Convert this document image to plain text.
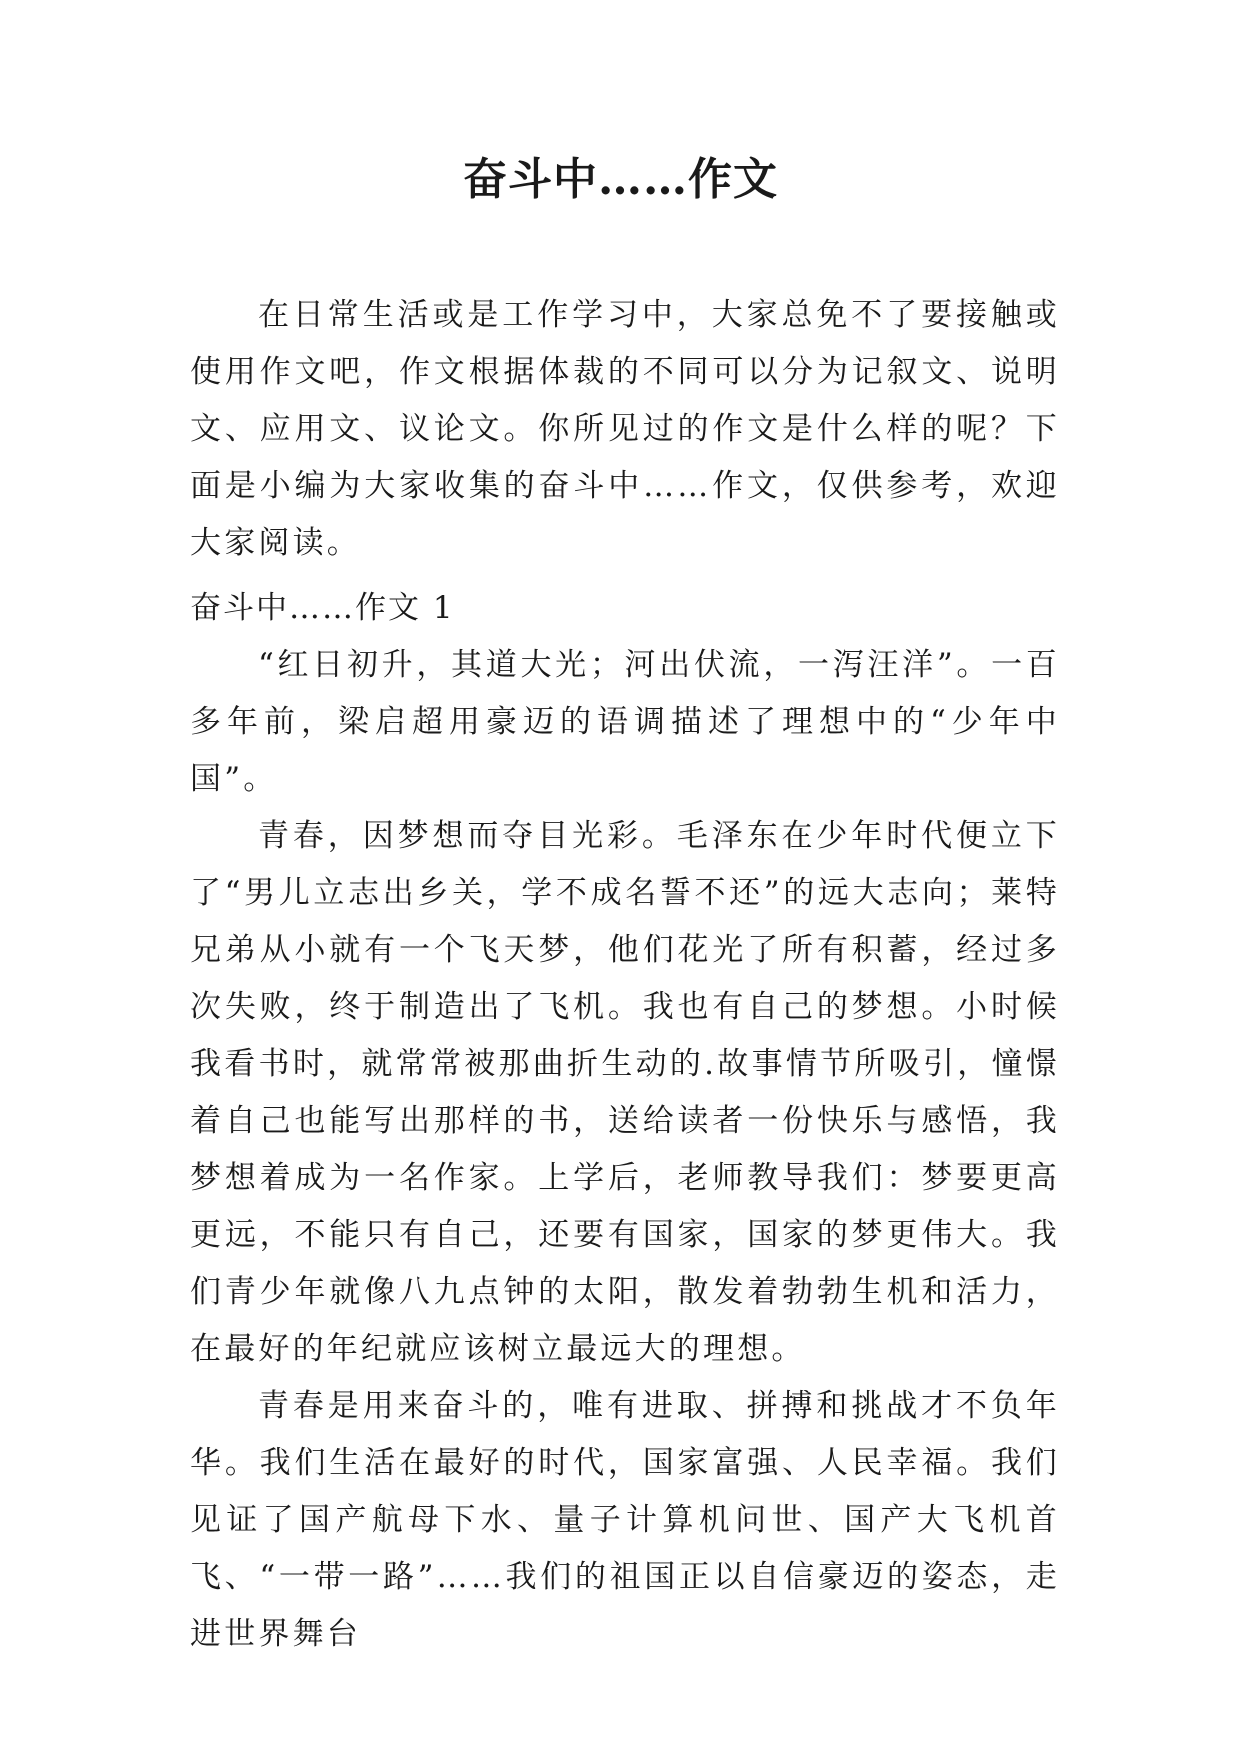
奋斗中……作文

在日常生活或是工作学习中，大家总免不了要接触或使用作文吧，作文根据体裁的不同可以分为记叙文、说明文、应用文、议论文。你所见过的作文是什么样的呢？下面是小编为大家收集的奋斗中……作文，仅供参考，欢迎大家阅读。

奋斗中……作文 1

“红日初升，其道大光；河出伏流，一泻汪洋”。一百多年前，梁启超用豪迈的语调描述了理想中的“少年中国”。

青春，因梦想而夺目光彩。毛泽东在少年时代便立下了“男儿立志出乡关，学不成名誓不还”的远大志向；莱特兄弟从小就有一个飞天梦，他们花光了所有积蓄，经过多次失败，终于制造出了飞机。我也有自己的梦想。小时候我看书时，就常常被那曲折生动的.故事情节所吸引，憧憬着自己也能写出那样的书，送给读者一份快乐与感悟，我梦想着成为一名作家。上学后，老师教导我们：梦要更高更远，不能只有自己，还要有国家，国家的梦更伟大。我们青少年就像八九点钟的太阳，散发着勃勃生机和活力，在最好的年纪就应该树立最远大的理想。

青春是用来奋斗的，唯有进取、拼搏和挑战才不负年华。我们生活在最好的时代，国家富强、人民幸福。我们见证了国产航母下水、量子计算机问世、国产大飞机首飞、“一带一路”……我们的祖国正以自信豪迈的姿态，走进世界舞台
